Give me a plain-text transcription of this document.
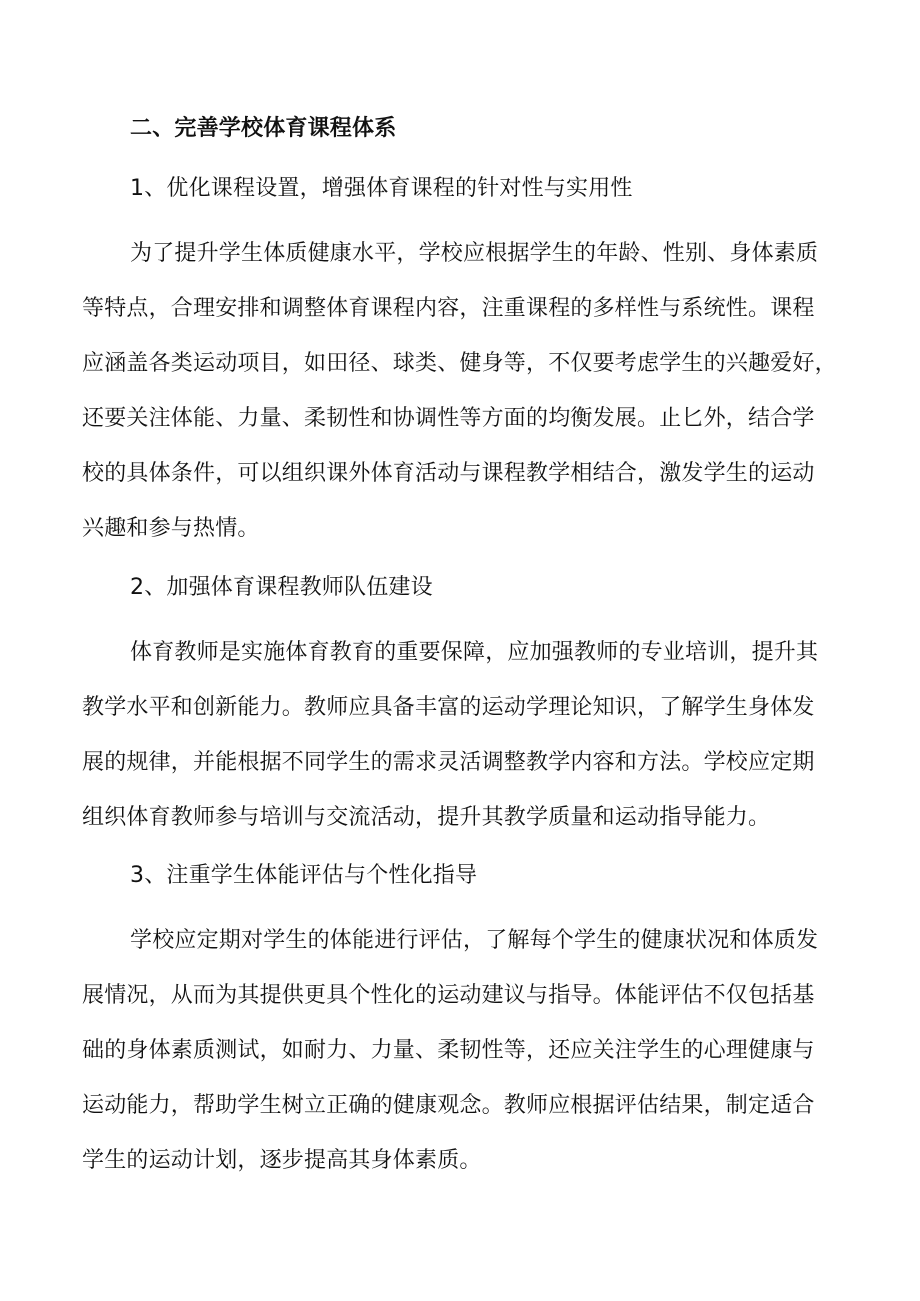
二、完善学校体育课程体系
1、优化课程设置，增强体育课程的针对性与实用性
为了提升学生体质健康水平，学校应根据学生的年龄、性别、身体素质
等特点，合理安排和调整体育课程内容，注重课程的多样性与系统性。课程
应涵盖各类运动项目，如田径、球类、健身等，不仅要考虑学生的兴趣爱好，
还要关注体能、力量、柔韧性和协调性等方面的均衡发展。止匕外，结合学
校的具体条件，可以组织课外体育活动与课程教学相结合，激发学生的运动
兴趣和参与热情。
2、加强体育课程教师队伍建设
体育教师是实施体育教育的重要保障，应加强教师的专业培训，提升其
教学水平和创新能力。教师应具备丰富的运动学理论知识，了解学生身体发
展的规律，并能根据不同学生的需求灵活调整教学内容和方法。学校应定期
组织体育教师参与培训与交流活动，提升其教学质量和运动指导能力。
3、注重学生体能评估与个性化指导
学校应定期对学生的体能进行评估，了解每个学生的健康状况和体质发
展情况，从而为其提供更具个性化的运动建议与指导。体能评估不仅包括基
础的身体素质测试，如耐力、力量、柔韧性等，还应关注学生的心理健康与
运动能力，帮助学生树立正确的健康观念。教师应根据评估结果，制定适合
学生的运动计划，逐步提高其身体素质。
